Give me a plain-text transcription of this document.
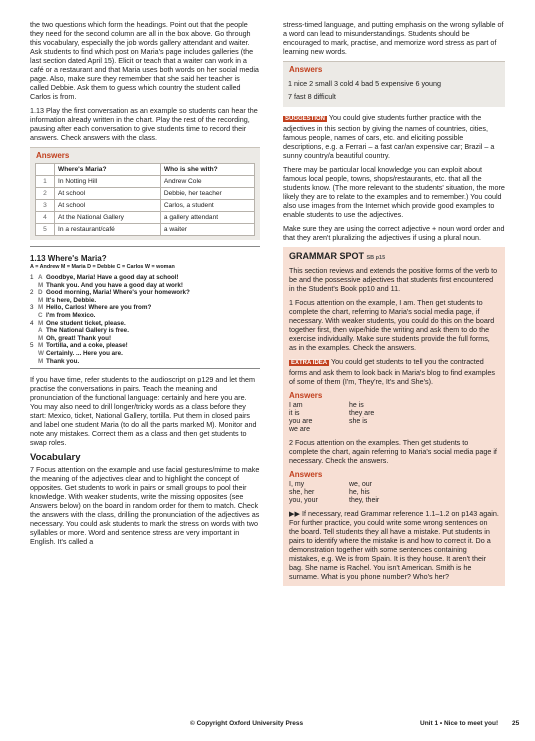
the two questions which form the headings. Point out that the people they need for the second column are all in the box above. Go through this vocabulary, especially the job words gallery attendant and waiter. Ask students to find which post on Maria's page includes galleries (the last section dated April 15). Elicit or teach that a waiter can work in a café or a restaurant and that Maria uses both words on her social media page. Also, make sure they remember that she said her teacher is called Debbie. Ask them to guess which country the student called Carlos is from.

1.13 Play the first conversation as an example so students can hear the information already written in the chart. Play the rest of the recording, pausing after each conversation to give students time to record their answers. Check answers with the class.

Answers
	Where's Maria?	Who is she with?
1	In Notting Hill	Andrew Cole
2	At school	Debbie, her teacher
3	At school	Carlos, a student
4	At the National Gallery	a gallery attendant
5	In a restaurant/café	a waiter
1.13 Where's Maria?
A = Andrew M = Maria D = Debbie C = Carlos W = woman
1 A Goodbye, Maria! Have a good day at school!
M Thank you. And you have a good day at work!
2 D Good morning, Maria! Where's your homework?
M It's here, Debbie.
3 M Hello, Carlos! Where are you from?
C I'm from Mexico.
4 M One student ticket, please.
A The National Gallery is free.
M Oh, great! Thank you!
5 M Tortilla, and a coke, please!
W Certainly. ... Here you are.
M Thank you.

If you have time, refer students to the audioscript on p129 and let them practise the conversations in pairs. Teach the meaning and pronunciation of the functional language: certainly and here you are. You may also need to drill longer/tricky words as a class before they start: Mexico, ticket, National Gallery, tortilla. Put them in closed pairs and label one student Maria (to do all the parts marked M). Monitor and note any mistakes. Correct them as a class and then get students to swap roles.

Vocabulary

7 Focus attention on the example and use facial gestures/mime to make the meaning of the adjectives clear and to highlight the concept of opposites. Get students to work in pairs or small groups to pool their knowledge. With weaker students, write the missing opposites (see Answers below) on the board in random order for them to match. Check the answers with the class, drilling the pronunciation of the adjectives as necessary. You could ask students to mark the stress on words with two syllables or more. Word and sentence stress are very important in English. It's called a

stress-timed language, and putting emphasis on the wrong syllable of a word can lead to misunderstandings. Students should be encouraged to mark, practise, and memorize word stress as part of learning new words.

Answers
1 nice 2 small 3 cold 4 bad 5 expensive 6 young
7 fast 8 difficult

SUGGESTION You could give students further practice with the adjectives in this section by giving the names of countries, cities, famous people, names of cars, etc. and eliciting possible descriptions, e.g. a Ferrari – a fast car/an expensive car; Brazil – a sunny country/a beautiful country.

There may be particular local knowledge you can exploit about famous local people, towns, shops/restaurants, etc. that all the students know. (The more relevant to the students' situation, the more likely they are to relate to the examples and to remember.) You could also use images from the Internet which provide good examples to enable students to use the adjectives.

Make sure they are using the correct adjective + noun word order and that they aren't pluralizing the adjectives if using a plural noun.

GRAMMAR SPOT SB p15

This section reviews and extends the positive forms of the verb to be and the possessive adjectives that students first encountered in the Student's Book pp10 and 11.

1 Focus attention on the example, I am. Then get students to complete the chart, referring to Maria's social media page, if necessary. With weaker students, you could do this on the board together first, then wipe/hide the writing and ask them to do the exercise individually. Make sure students provide the full forms, as in the examples. Check the answers.

EXTRA IDEA You could get students to tell you the contracted forms and ask them to look back in Maria's blog to find examples of some of them (I'm, They're, It's and She's).

Answers
I am	he is
it is	they are
you are	she is
we are

2 Focus attention on the examples. Then get students to complete the chart, again referring to Maria's social media page if necessary. Check the answers.

Answers
I, my	we, our
she, her	he, his
you, your	they, their

▶▶ If necessary, read Grammar reference 1.1–1.2 on p143 again. For further practice, you could write some wrong sentences on the board. Tell students they all have a mistake. Put students in pairs to identify where the mistake is and how to correct it. Do a demonstration together with some sentences containing mistakes, e.g. We is from Spain. It is they house. It aren't their bag. She name is Rachel. You isn't American. Smith is he surname. What is you phone number? Who's her?

© Copyright Oxford University Press	Unit 1 • Nice to meet you! 25
